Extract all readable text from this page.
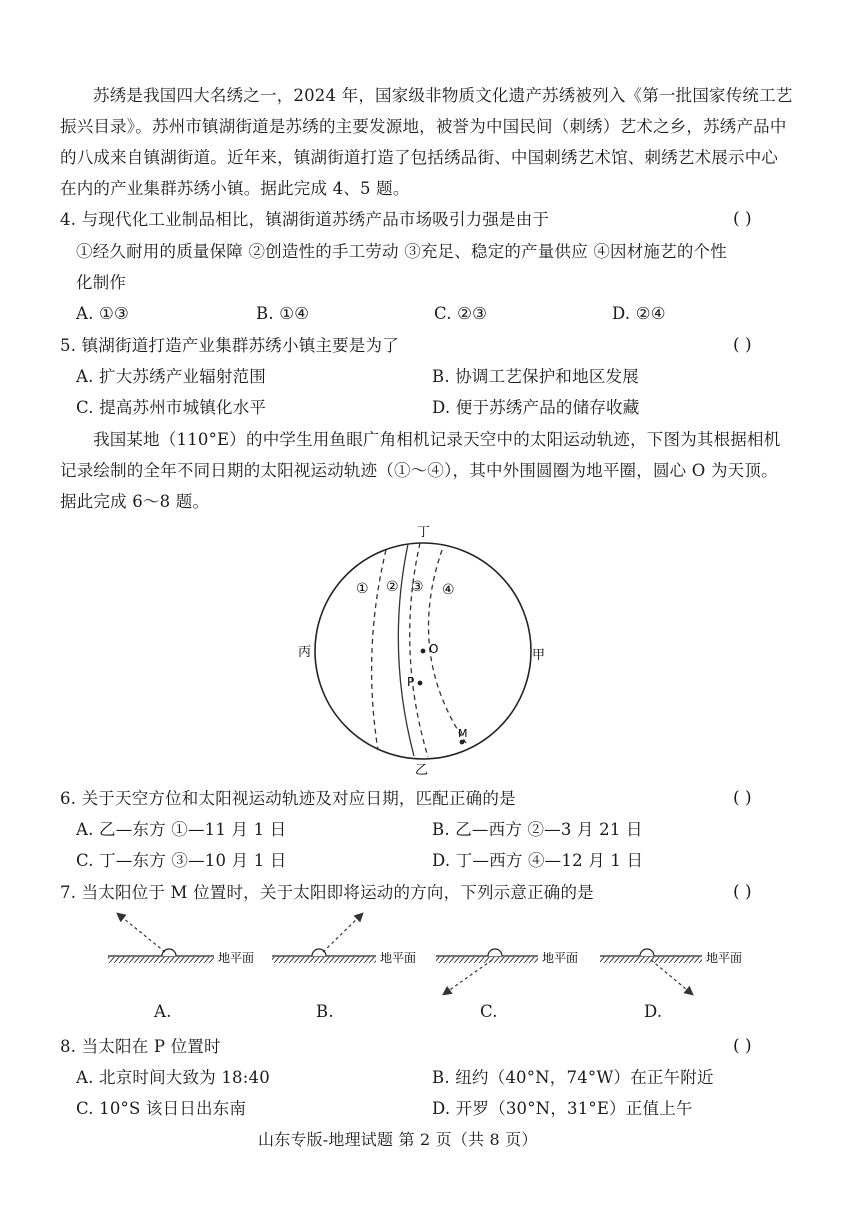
苏绣是我国四大名绣之一，2024 年，国家级非物质文化遗产苏绣被列入《第一批国家传统工艺
振兴目录》。苏州市镇湖街道是苏绣的主要发源地，被誉为中国民间（刺绣）艺术之乡，苏绣产品中
的八成来自镇湖街道。近年来，镇湖街道打造了包括绣品街、中国刺绣艺术馆、刺绣艺术展示中心
在内的产业集群苏绣小镇。据此完成 4、5 题。
4. 与现代化工业制品相比，镇湖街道苏绣产品市场吸引力强是由于	( )
①经久耐用的质量保障 ②创造性的手工劳动 ③充足、稳定的产量供应 ④因材施艺的个性
化制作
A. ①③	B. ①④	C. ②③	D. ②④
5. 镇湖街道打造产业集群苏绣小镇主要是为了	( )
A. 扩大苏绣产业辐射范围	B. 协调工艺保护和地区发展
C. 提高苏州市城镇化水平	D. 便于苏绣产品的储存收藏
我国某地（110°E）的中学生用鱼眼广角相机记录天空中的太阳运动轨迹，下图为其根据相机
记录绘制的全年不同日期的太阳视运动轨迹（①～④），其中外围圆圈为地平圈，圆心 O 为天顶。
据此完成 6～8 题。
丁
乙
丙	甲
O
P
M
① ② ③ ④
6. 关于天空方位和太阳视运动轨迹及对应日期，匹配正确的是	( )
A. 乙—东方 ①—11 月 1 日	B. 乙—西方 ②—3 月 21 日
C. 丁—东方 ③—10 月 1 日	D. 丁—西方 ④—12 月 1 日
7. 当太阳位于 M 位置时，关于太阳即将运动的方向，下列示意正确的是	( )
地平面	地平面	地平面	地平面
A.	B.	C.	D.
8. 当太阳在 P 位置时	( )
A. 北京时间大致为 18:40	B. 纽约（40°N，74°W）在正午附近
C. 10°S 该日日出东南	D. 开罗（30°N，31°E）正值上午
山东专版-地理试题 第 2 页（共 8 页）
